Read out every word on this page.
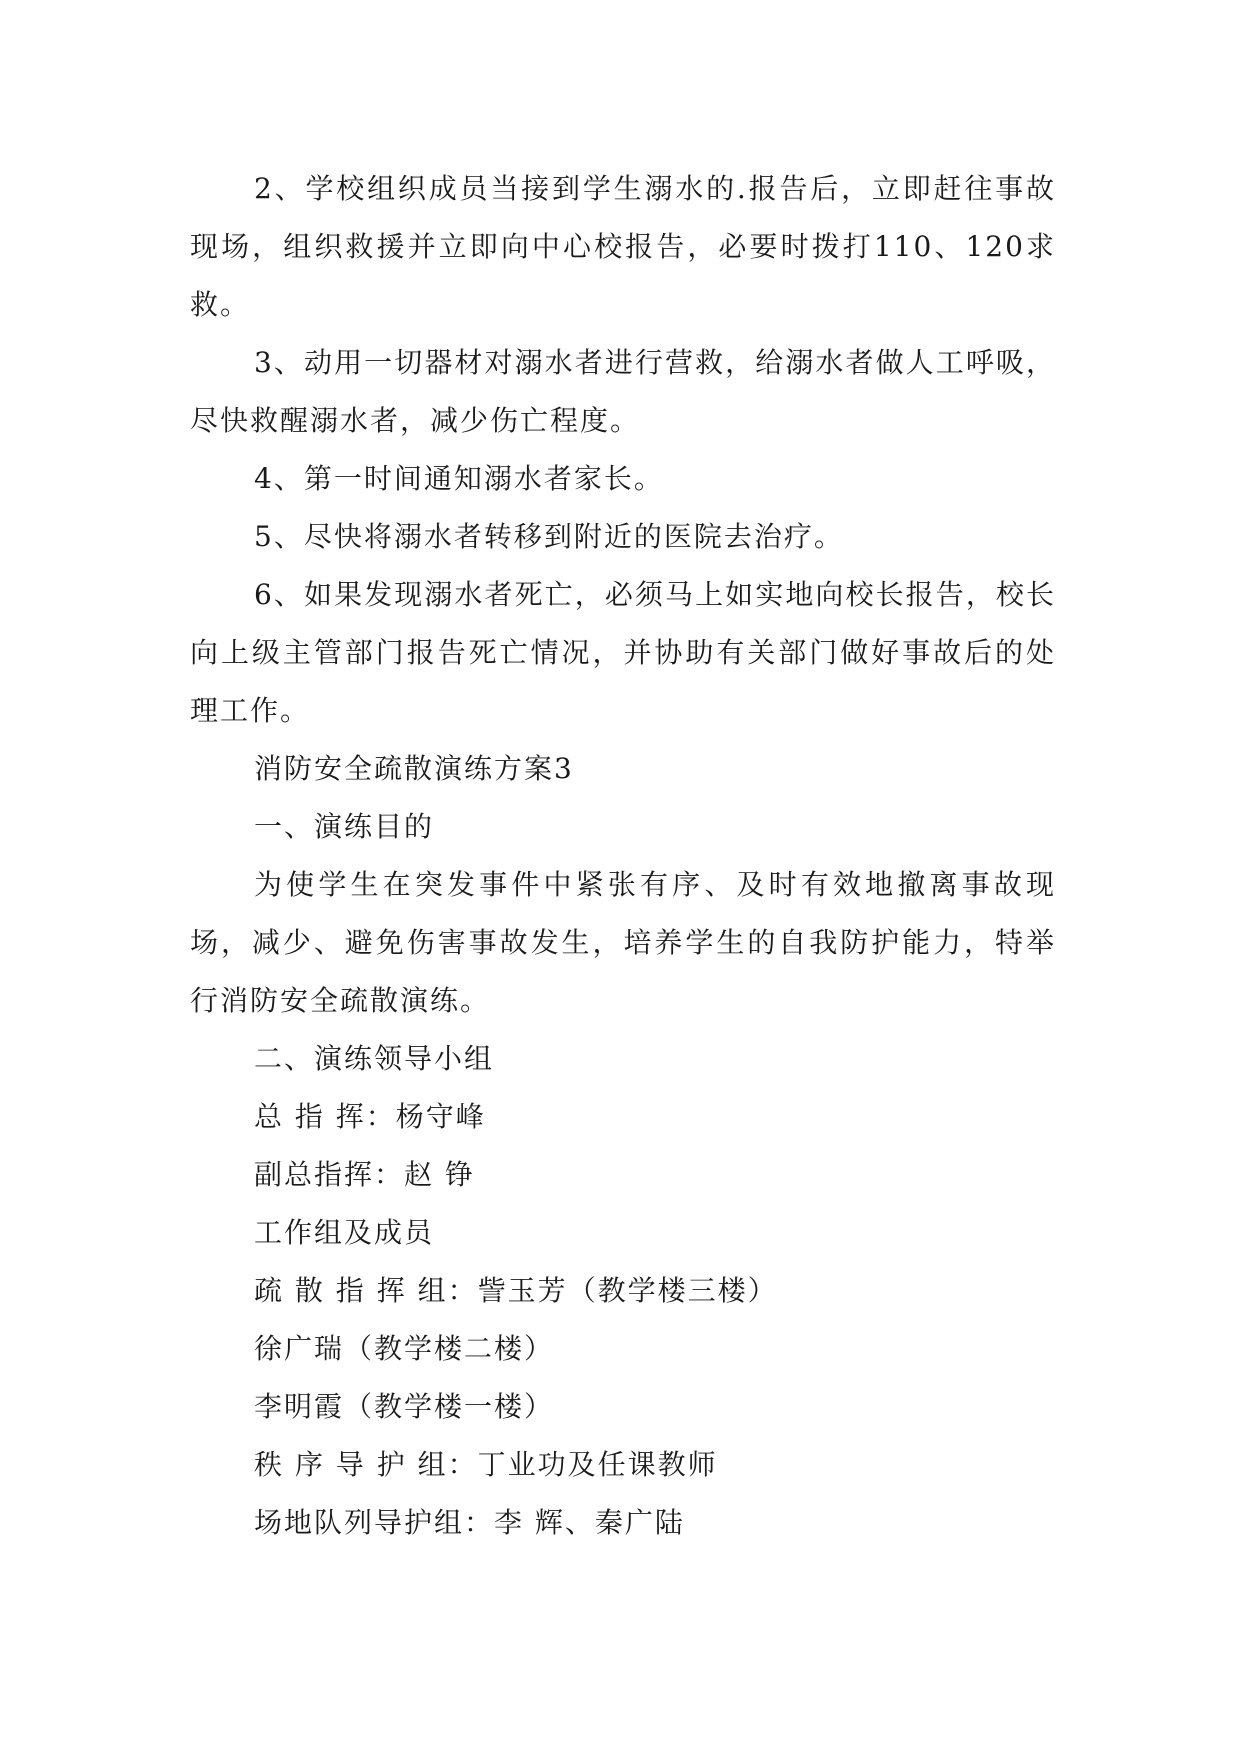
2、学校组织成员当接到学生溺水的.报告后，立即赶往事故现场，组织救援并立即向中心校报告，必要时拨打110、120求救。

3、动用一切器材对溺水者进行营救，给溺水者做人工呼吸，尽快救醒溺水者，减少伤亡程度。

4、第一时间通知溺水者家长。

5、尽快将溺水者转移到附近的医院去治疗。

6、如果发现溺水者死亡，必须马上如实地向校长报告，校长向上级主管部门报告死亡情况，并协助有关部门做好事故后的处理工作。

消防安全疏散演练方案3

一、演练目的

为使学生在突发事件中紧张有序、及时有效地撤离事故现场，减少、避免伤害事故发生，培养学生的自我防护能力，特举行消防安全疏散演练。

二、演练领导小组

总 指 挥：杨守峰

副总指挥：赵 铮

工作组及成员

疏 散 指 挥 组：訾玉芳（教学楼三楼）

徐广瑞（教学楼二楼）

李明霞（教学楼一楼）

秩 序 导 护 组：丁业功及任课教师

场地队列导护组：李 辉、秦广陆
